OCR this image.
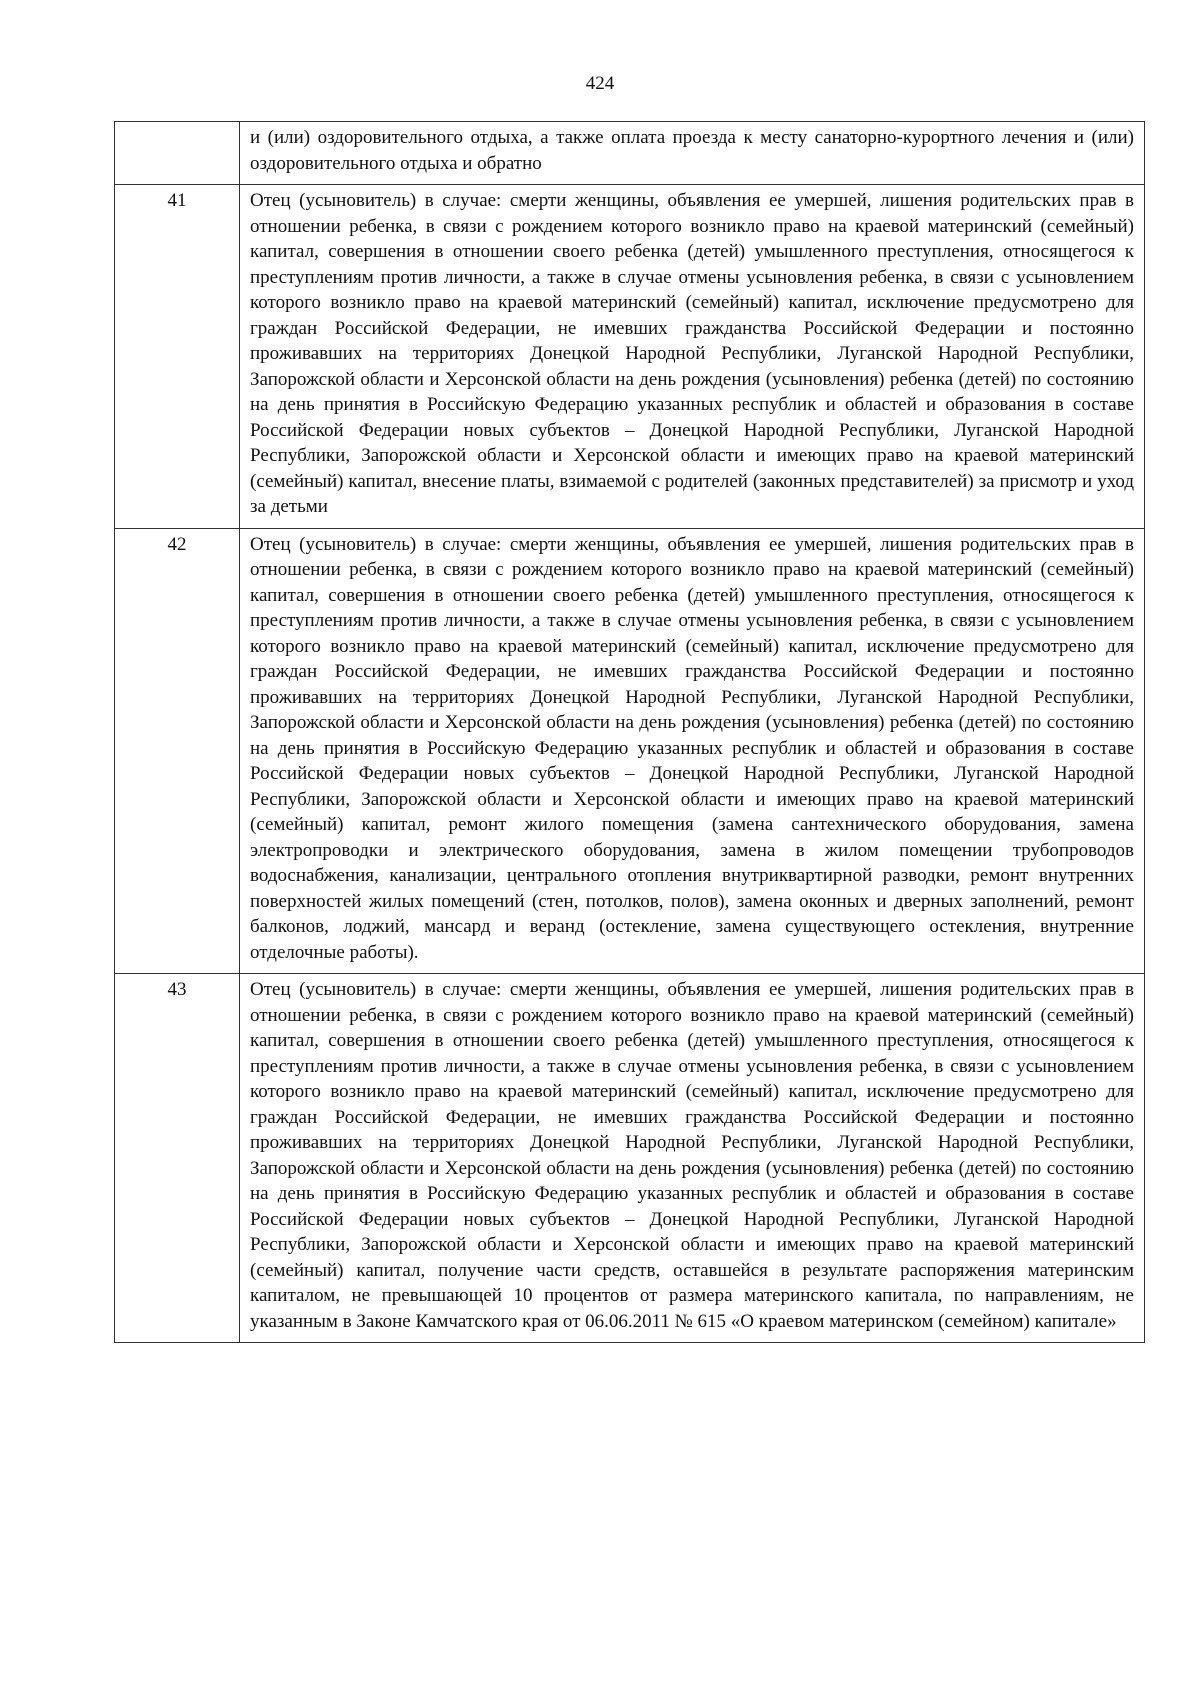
424
	и (или) оздоровительного отдыха, а также оплата проезда к месту санаторно-курортного лечения и (или) оздоровительного отдыха и обратно
41	Отец (усыновитель) в случае: смерти женщины, объявления ее умершей, лишения родительских прав в отношении ребенка, в связи с рождением которого возникло право на краевой материнский (семейный) капитал, совершения в отношении своего ребенка (детей) умышленного преступления, относящегося к преступлениям против личности, а также в случае отмены усыновления ребенка, в связи с усыновлением которого возникло право на краевой материнский (семейный) капитал, исключение предусмотрено для граждан Российской Федерации, не имевших гражданства Российской Федерации и постоянно проживавших на территориях Донецкой Народной Республики, Луганской Народной Республики, Запорожской области и Херсонской области на день рождения (усыновления) ребенка (детей) по состоянию на день принятия в Российскую Федерацию указанных республик и областей и образования в составе Российской Федерации новых субъектов – Донецкой Народной Республики, Луганской Народной Республики, Запорожской области и Херсонской области и имеющих право на краевой материнский (семейный) капитал, внесение платы, взимаемой с родителей (законных представителей) за присмотр и уход за детьми
42	Отец (усыновитель) в случае: смерти женщины, объявления ее умершей, лишения родительских прав в отношении ребенка, в связи с рождением которого возникло право на краевой материнский (семейный) капитал, совершения в отношении своего ребенка (детей) умышленного преступления, относящегося к преступлениям против личности, а также в случае отмены усыновления ребенка, в связи с усыновлением которого возникло право на краевой материнский (семейный) капитал, исключение предусмотрено для граждан Российской Федерации, не имевших гражданства Российской Федерации и постоянно проживавших на территориях Донецкой Народной Республики, Луганской Народной Республики, Запорожской области и Херсонской области на день рождения (усыновления) ребенка (детей) по состоянию на день принятия в Российскую Федерацию указанных республик и областей и образования в составе Российской Федерации новых субъектов – Донецкой Народной Республики, Луганской Народной Республики, Запорожской области и Херсонской области и имеющих право на краевой материнский (семейный) капитал, ремонт жилого помещения (замена сантехнического оборудования, замена электропроводки и электрического оборудования, замена в жилом помещении трубопроводов водоснабжения, канализации, центрального отопления внутриквартирной разводки, ремонт внутренних поверхностей жилых помещений (стен, потолков, полов), замена оконных и дверных заполнений, ремонт балконов, лоджий, мансард и веранд (остекление, замена существующего остекления, внутренние отделочные работы).
43	Отец (усыновитель) в случае: смерти женщины, объявления ее умершей, лишения родительских прав в отношении ребенка, в связи с рождением которого возникло право на краевой материнский (семейный) капитал, совершения в отношении своего ребенка (детей) умышленного преступления, относящегося к преступлениям против личности, а также в случае отмены усыновления ребенка, в связи с усыновлением которого возникло право на краевой материнский (семейный) капитал, исключение предусмотрено для граждан Российской Федерации, не имевших гражданства Российской Федерации и постоянно проживавших на территориях Донецкой Народной Республики, Луганской Народной Республики, Запорожской области и Херсонской области на день рождения (усыновления) ребенка (детей) по состоянию на день принятия в Российскую Федерацию указанных республик и областей и образования в составе Российской Федерации новых субъектов – Донецкой Народной Республики, Луганской Народной Республики, Запорожской области и Херсонской области и имеющих право на краевой материнский (семейный) капитал, получение части средств, оставшейся в результате распоряжения материнским капиталом, не превышающей 10 процентов от размера материнского капитала, по направлениям, не указанным в Законе Камчатского края от 06.06.2011 № 615 «О краевом материнском (семейном) капитале»
